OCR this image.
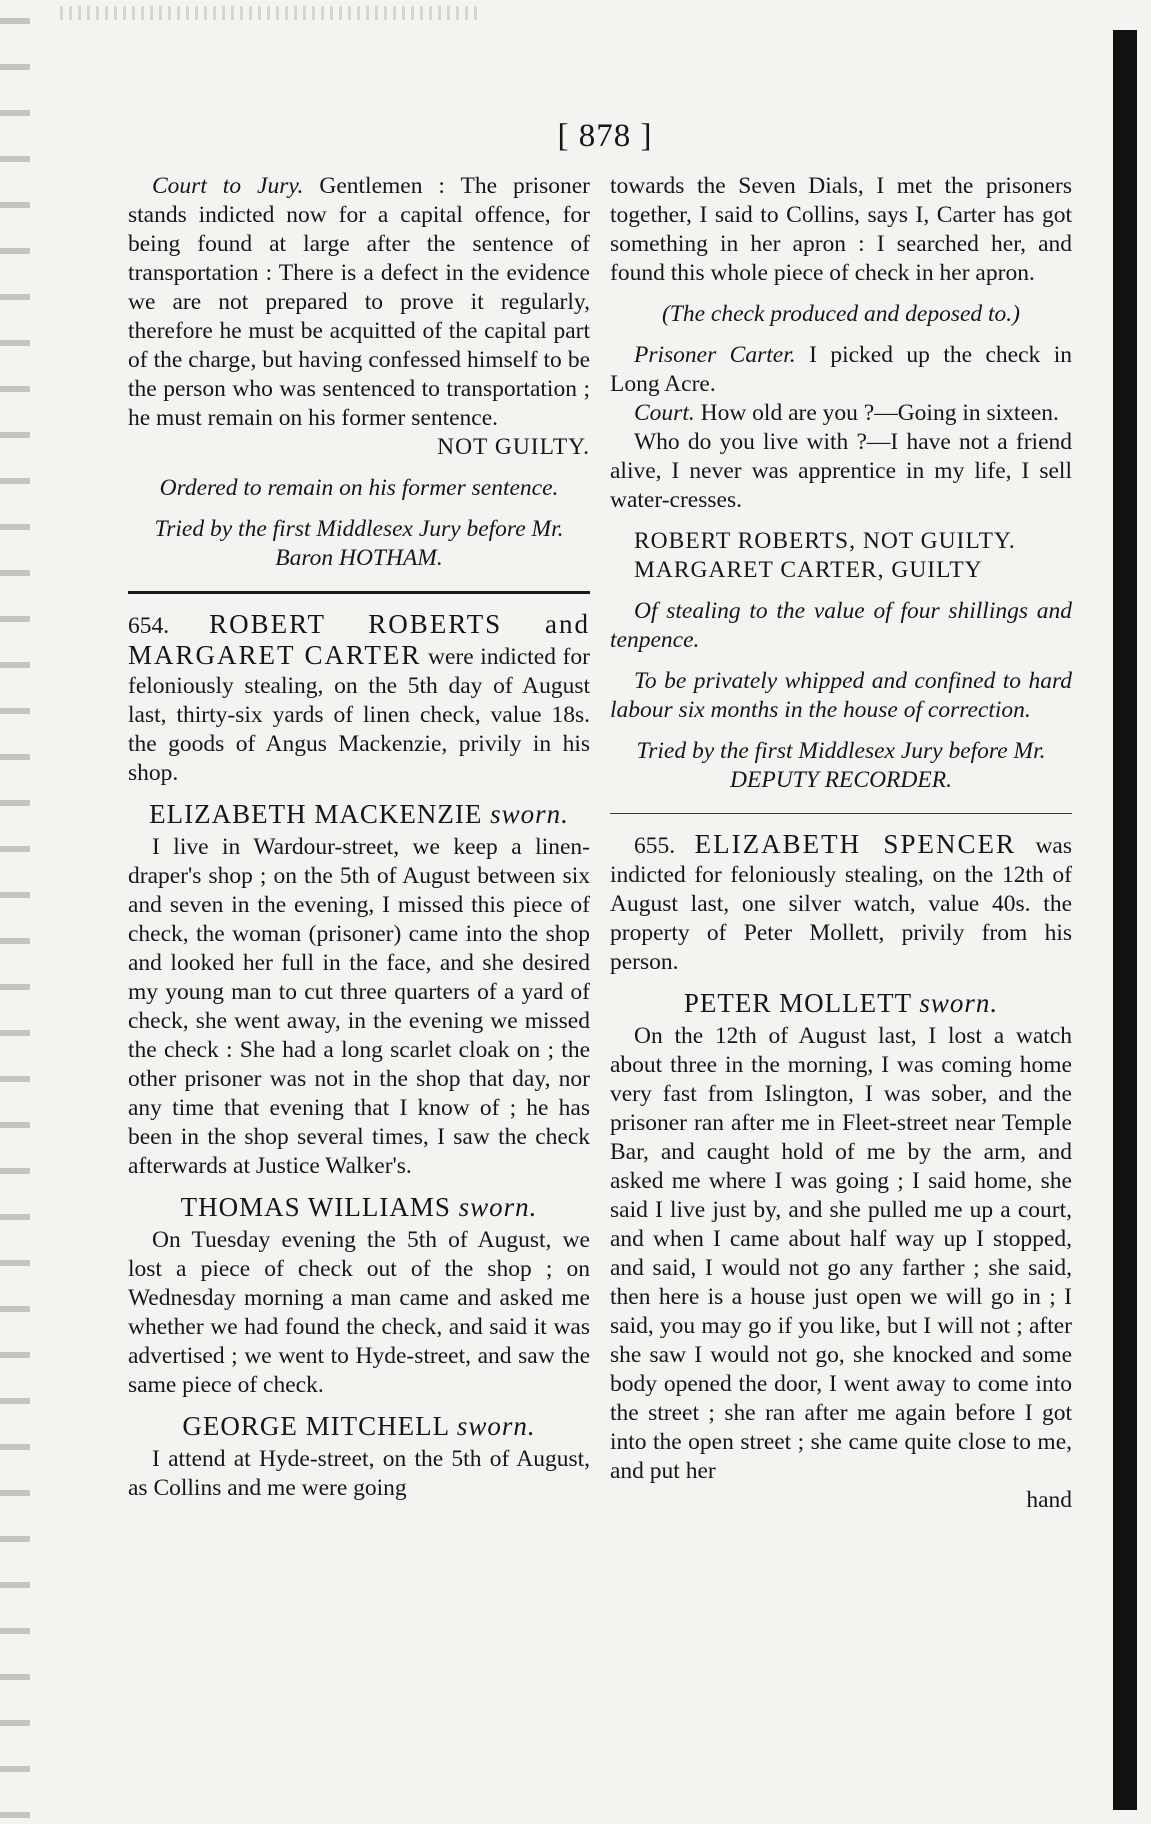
[ 878 ]

Court to Jury. Gentlemen : The prisoner stands indicted now for a capital offence, for being found at large after the sentence of transportation : There is a defect in the evidence we are not prepared to prove it regularly, therefore he must be acquitted of the capital part of the charge, but having confessed himself to be the person who was sentenced to transportation ; he must remain on his former sentence.

NOT GUILTY.

Ordered to remain on his former sentence.

Tried by the first Middlesex Jury before Mr. Baron HOTHAM.

654. ROBERT ROBERTS and MARGARET CARTER were indicted for feloniously stealing, on the 5th day of August last, thirty-six yards of linen check, value 18s. the goods of Angus Mackenzie, privily in his shop.

ELIZABETH MACKENZIE sworn.

I live in Wardour-street, we keep a linen-draper's shop ; on the 5th of August between six and seven in the evening, I missed this piece of check, the woman (prisoner) came into the shop and looked her full in the face, and she desired my young man to cut three quarters of a yard of check, she went away, in the evening we missed the check : She had a long scarlet cloak on ; the other prisoner was not in the shop that day, nor any time that evening that I know of ; he has been in the shop several times, I saw the check afterwards at Justice Walker's.

THOMAS WILLIAMS sworn.

On Tuesday evening the 5th of August, we lost a piece of check out of the shop ; on Wednesday morning a man came and asked me whether we had found the check, and said it was advertised ; we went to Hyde-street, and saw the same piece of check.

GEORGE MITCHELL sworn.

I attend at Hyde-street, on the 5th of August, as Collins and me were going

towards the Seven Dials, I met the prisoners together, I said to Collins, says I, Carter has got something in her apron : I searched her, and found this whole piece of check in her apron.

(The check produced and deposed to.)

Prisoner Carter. I picked up the check in Long Acre.

Court. How old are you ?—Going in sixteen.

Who do you live with ?—I have not a friend alive, I never was apprentice in my life, I sell water-cresses.

ROBERT ROBERTS, NOT GUILTY.

MARGARET CARTER, GUILTY

Of stealing to the value of four shillings and tenpence.

To be privately whipped and confined to hard labour six months in the house of correction.

Tried by the first Middlesex Jury before Mr. DEPUTY RECORDER.

655. ELIZABETH SPENCER was indicted for feloniously stealing, on the 12th of August last, one silver watch, value 40s. the property of Peter Mollett, privily from his person.

PETER MOLLETT sworn.

On the 12th of August last, I lost a watch about three in the morning, I was coming home very fast from Islington, I was sober, and the prisoner ran after me in Fleet-street near Temple Bar, and caught hold of me by the arm, and asked me where I was going ; I said home, she said I live just by, and she pulled me up a court, and when I came about half way up I stopped, and said, I would not go any farther ; she said, then here is a house just open we will go in ; I said, you may go if you like, but I will not ; after she saw I would not go, she knocked and some body opened the door, I went away to come into the street ; she ran after me again before I got into the open street ; she came quite close to me, and put her

hand
